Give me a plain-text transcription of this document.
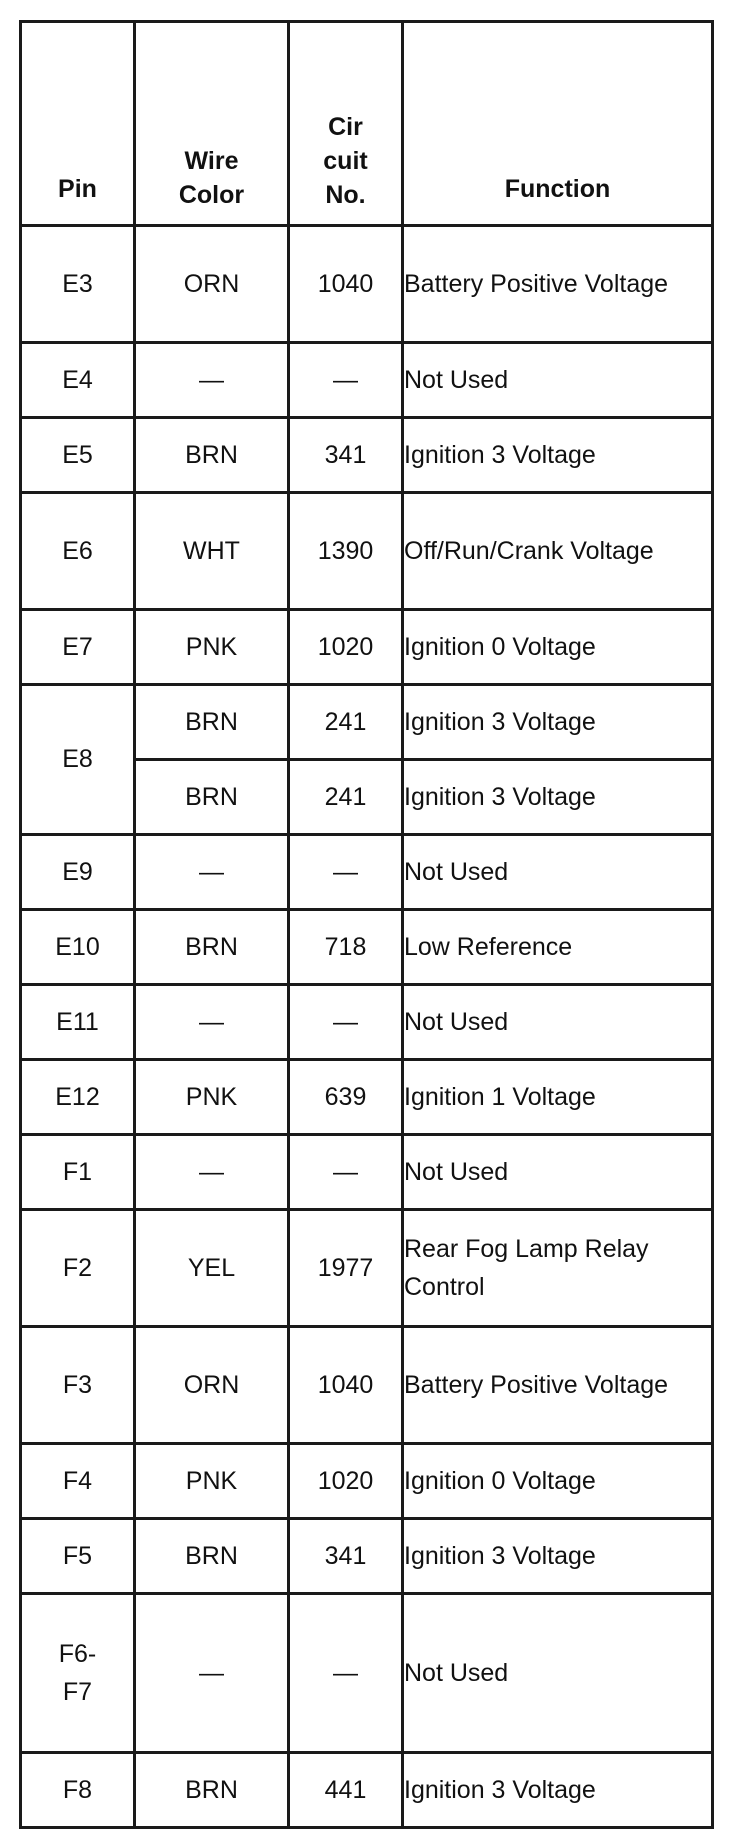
Pin	Wire Color	Cir cuit No.	Function
E3	ORN	1040	Battery Positive Voltage
E4	—	—	Not Used
E5	BRN	341	Ignition 3 Voltage
E6	WHT	1390	Off/Run/Crank Voltage
E7	PNK	1020	Ignition 0 Voltage
E8	BRN	241	Ignition 3 Voltage
	BRN	241	Ignition 3 Voltage
E9	—	—	Not Used
E10	BRN	718	Low Reference
E11	—	—	Not Used
E12	PNK	639	Ignition 1 Voltage
F1	—	—	Not Used
F2	YEL	1977	Rear Fog Lamp Relay Control
F3	ORN	1040	Battery Positive Voltage
F4	PNK	1020	Ignition 0 Voltage
F5	BRN	341	Ignition 3 Voltage

F6-F7	—	—	Not Used
F8	BRN	441	Ignition 3 Voltage
